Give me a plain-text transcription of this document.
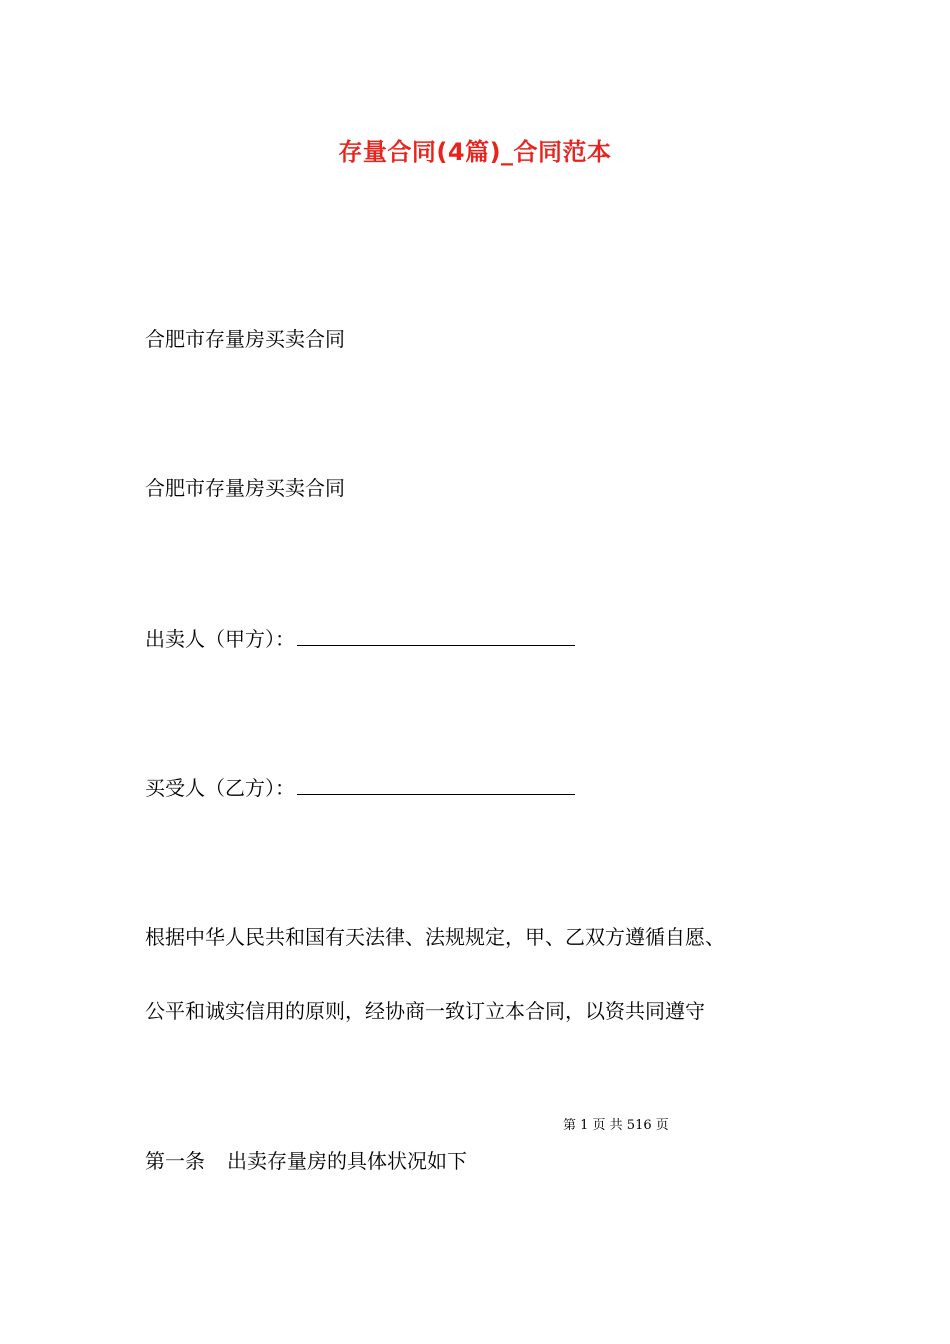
存量合同(4篇)_合同范本
合肥市存量房买卖合同
合肥市存量房买卖合同
出卖人（甲方）：
买受人（乙方）：
根据中华人民共和国有天法律、法规规定，甲、乙双方遵循自愿、
公平和诚实信用的原则，经协商一致订立本合同，以资共同遵守
第 1 页 共 516 页
第一条 出卖存量房的具体状况如下
